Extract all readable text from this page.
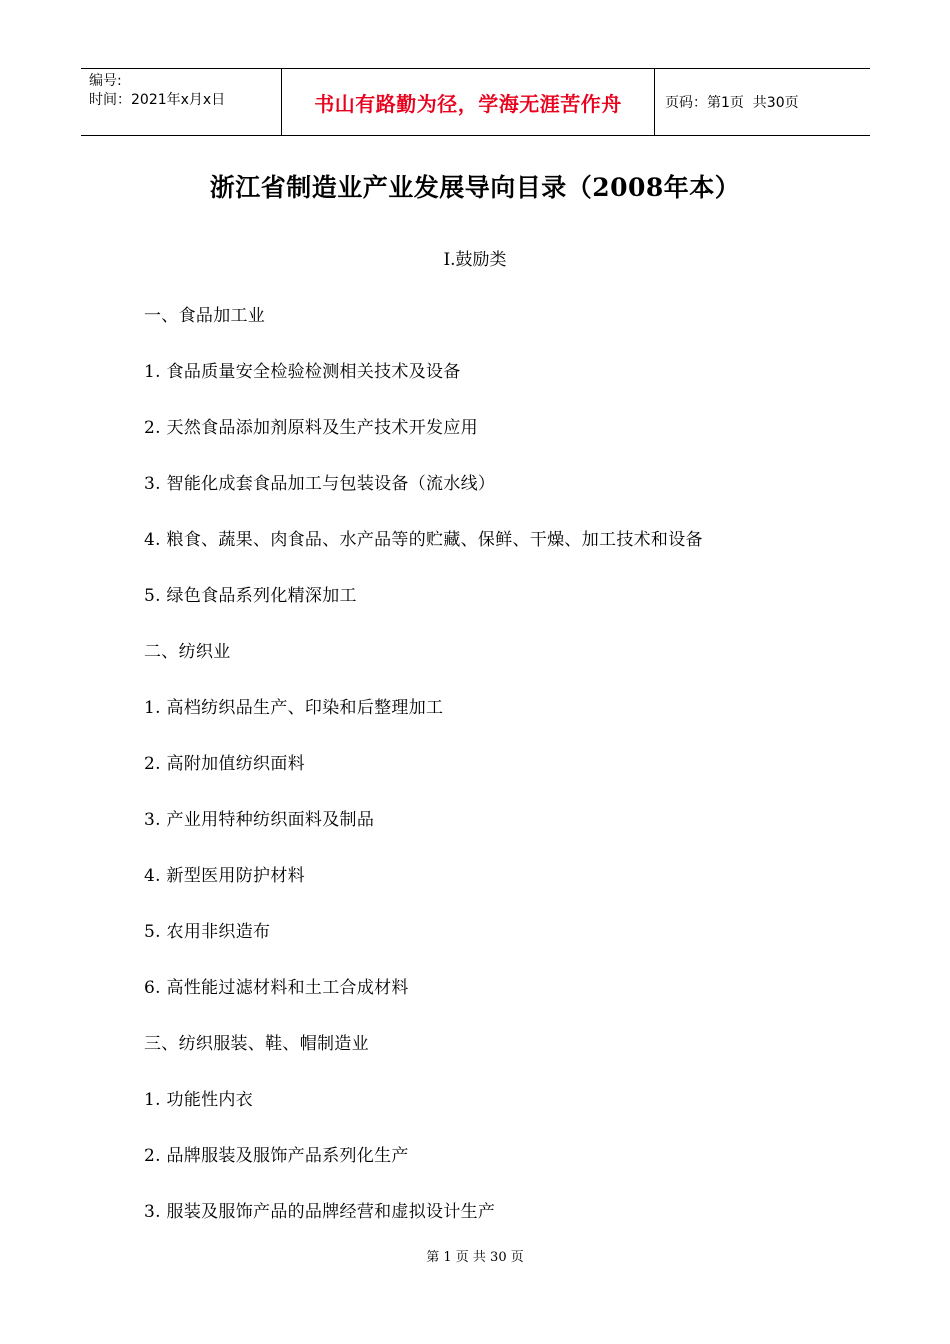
编号:
时间：2021年x月x日	书山有路勤为径，学海无涯苦作舟	页码：第1页  共30页
浙江省制造业产业发展导向目录（2008年本）
Ⅰ.鼓励类
一、食品加工业
1. 食品质量安全检验检测相关技术及设备
2. 天然食品添加剂原料及生产技术开发应用
3. 智能化成套食品加工与包装设备（流水线）
4. 粮食、蔬果、肉食品、水产品等的贮藏、保鲜、干燥、加工技术和设备
5. 绿色食品系列化精深加工
二、纺织业
1. 高档纺织品生产、印染和后整理加工
2. 高附加值纺织面料
3. 产业用特种纺织面料及制品
4. 新型医用防护材料
5. 农用非织造布
6. 高性能过滤材料和土工合成材料
三、纺织服装、鞋、帽制造业
1. 功能性内衣
2. 品牌服装及服饰产品系列化生产
3. 服装及服饰产品的品牌经营和虚拟设计生产
第 1 页 共 30 页
